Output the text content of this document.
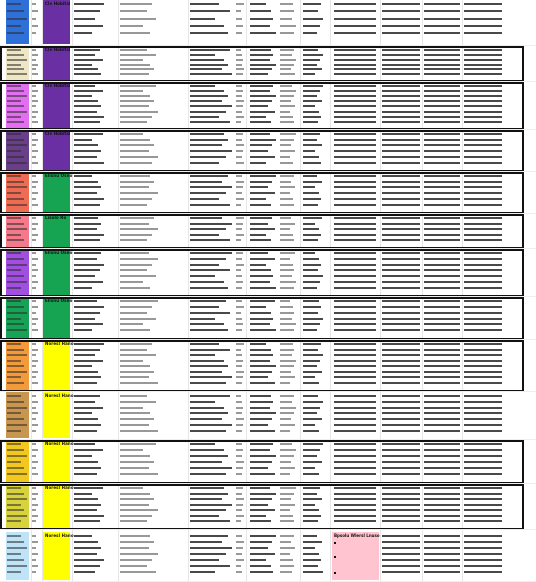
Clv Hobitsi
Clv Hobitsi
Clv Hobitsi
Clv Hobitsi
Elisnu Osno
Lisolo Ro
Elisnu Osno
Elisnu Osno
Noresl Hano
Noresl Hano
Noresl Hano
Noresl Hano
Noresl Hano	Bpsolu Wlersl Lnuso
